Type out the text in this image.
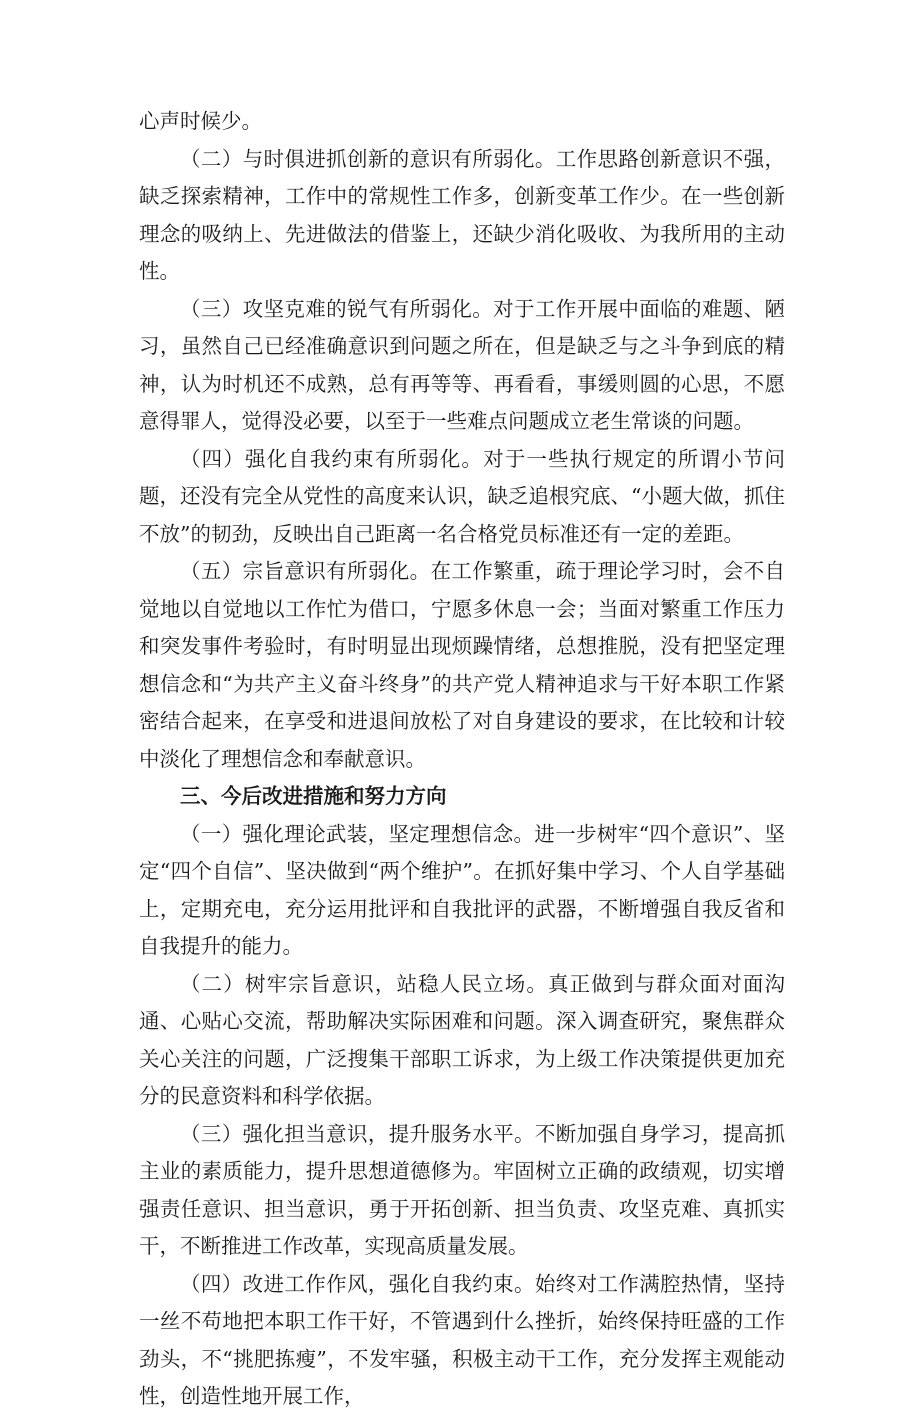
心声时候少。

（二）与时俱进抓创新的意识有所弱化。工作思路创新意识不强，缺乏探索精神，工作中的常规性工作多，创新变革工作少。在一些创新理念的吸纳上、先进做法的借鉴上，还缺少消化吸收、为我所用的主动性。

（三）攻坚克难的锐气有所弱化。对于工作开展中面临的难题、陋习，虽然自己已经准确意识到问题之所在，但是缺乏与之斗争到底的精神，认为时机还不成熟，总有再等等、再看看，事缓则圆的心思，不愿意得罪人，觉得没必要，以至于一些难点问题成立老生常谈的问题。

（四）强化自我约束有所弱化。对于一些执行规定的所谓小节问题，还没有完全从党性的高度来认识，缺乏追根究底、“小题大做，抓住不放”的韧劲，反映出自己距离一名合格党员标准还有一定的差距。

（五）宗旨意识有所弱化。在工作繁重，疏于理论学习时，会不自觉地以自觉地以工作忙为借口，宁愿多休息一会；当面对繁重工作压力和突发事件考验时，有时明显出现烦躁情绪，总想推脱，没有把坚定理想信念和“为共产主义奋斗终身”的共产党人精神追求与干好本职工作紧密结合起来，在享受和进退间放松了对自身建设的要求，在比较和计较中淡化了理想信念和奉献意识。

三、今后改进措施和努力方向

（一）强化理论武装，坚定理想信念。进一步树牢“四个意识”、坚定“四个自信”、坚决做到“两个维护”。在抓好集中学习、个人自学基础上，定期充电，充分运用批评和自我批评的武器，不断增强自我反省和自我提升的能力。

（二）树牢宗旨意识，站稳人民立场。真正做到与群众面对面沟通、心贴心交流，帮助解决实际困难和问题。深入调查研究，聚焦群众关心关注的问题，广泛搜集干部职工诉求，为上级工作决策提供更加充分的民意资料和科学依据。

（三）强化担当意识，提升服务水平。不断加强自身学习，提高抓主业的素质能力，提升思想道德修为。牢固树立正确的政绩观，切实增强责任意识、担当意识，勇于开拓创新、担当负责、攻坚克难、真抓实干，不断推进工作改革，实现高质量发展。

（四）改进工作作风，强化自我约束。始终对工作满腔热情，坚持一丝不苟地把本职工作干好，不管遇到什么挫折，始终保持旺盛的工作劲头，不“挑肥拣瘦”，不发牢骚，积极主动干工作，充分发挥主观能动性，创造性地开展工作，
